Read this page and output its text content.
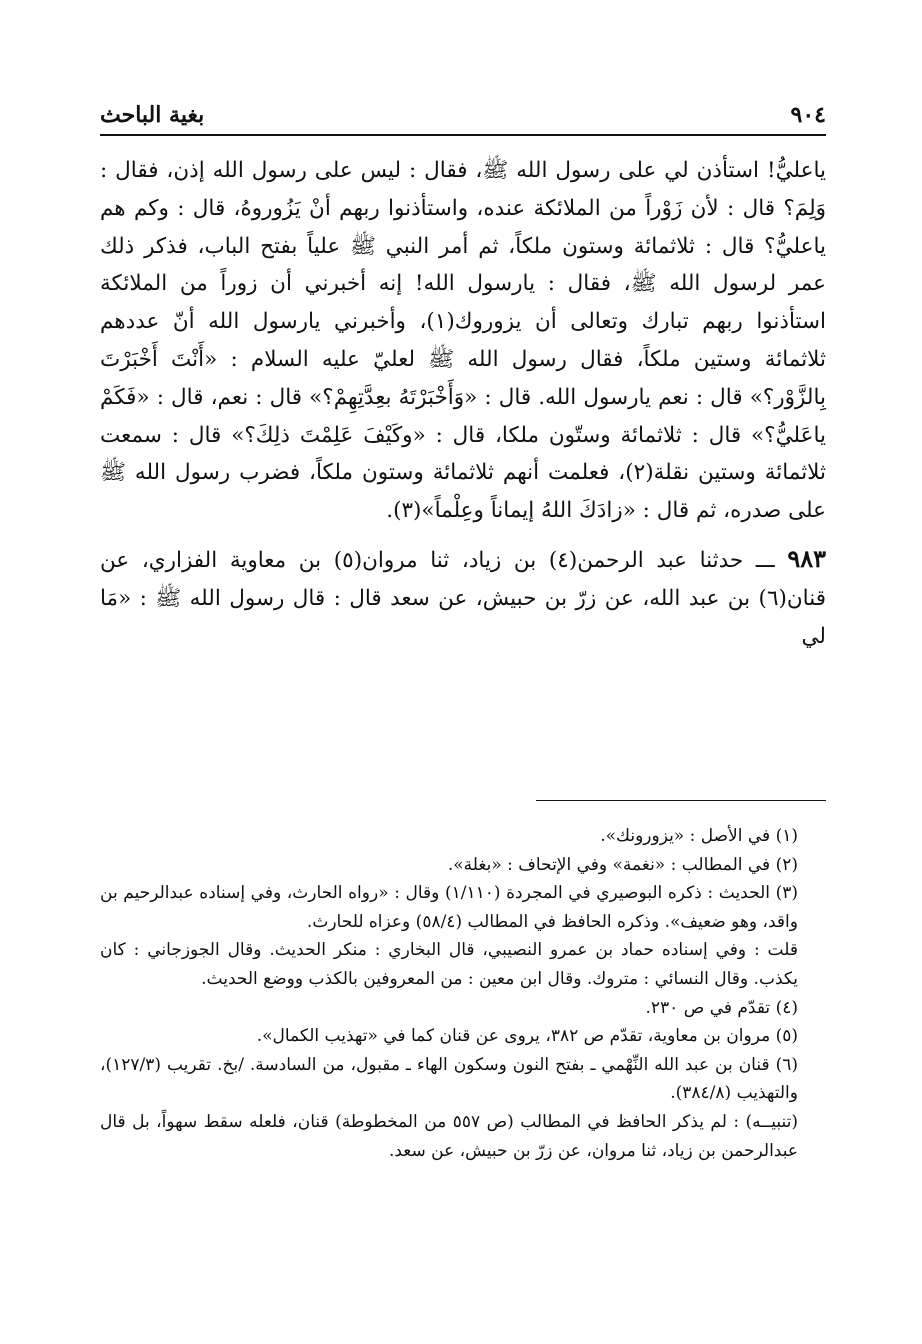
بغية الباحث	٩٠٤

ياعليُّ! استأذن لي على رسول الله ﷺ، فقال : ليس على رسول الله إذن، فقال : وَلِمَ؟ قال : لأن زَوْراً من الملائكة عنده، واستأذنوا ربهم أنْ يَزُوروهُ، قال : وكم هم ياعليُّ؟ قال : ثلاثمائة وستون ملكاً، ثم أمر النبي ﷺ علياً بفتح الباب، فذكر ذلك عمر لرسول الله ﷺ، فقال : يارسول الله! إنه أخبرني أن زوراً من الملائكة استأذنوا ربهم تبارك وتعالى أن يزوروك(١)، وأخبرني يارسول الله أنّ عددهم ثلاثمائة وستين ملكاً، فقال رسول الله ﷺ لعليّ عليه السلام : «أَنْتَ أَخْبَرْتَ بِالزَّوْر؟» قال : نعم يارسول الله. قال : «وَأَخْبَرْتَهُ بعِدَّتِهِمْ؟» قال : نعم، قال : «فَكَمْ ياعَليُّ؟» قال : ثلاثمائة وستّون ملكا، قال : «وكَيْفَ عَلِمْتَ ذلِكَ؟» قال : سمعت ثلاثمائة وستين نقلة(٢)، فعلمت أنهم ثلاثمائة وستون ملكاً، فضرب رسول الله ﷺ على صدره، ثم قال : «زادَكَ اللهُ إيماناً وعِلْماً»(٣).

٩٨٣ ـــ حدثنا عبد الرحمن(٤) بن زياد، ثنا مروان(٥) بن معاوية الفزاري، عن قنان(٦) بن عبد الله، عن زرّ بن حبيش، عن سعد قال : قال رسول الله ﷺ : «مَا لي

(١) في الأصل : «يزورونك».

(٢) في المطالب : «نغمة» وفي الإتحاف : «بغلة».

(٣) الحديث : ذكره البوصيري في المجردة (١/١١٠) وقال : «رواه الحارث، وفي إسناده عبدالرحيم بن واقد، وهو ضعيف». وذكره الحافظ في المطالب (٥٨/٤) وعزاه للحارث.

قلت : وفي إسناده حماد بن عمرو النصيبي، قال البخاري : منكر الحديث. وقال الجوزجاني : كان يكذب. وقال النسائي : متروك. وقال ابن معين : من المعروفين بالكذب ووضع الحديث.

(٤) تقدّم في ص ٢٣٠.

(٥) مروان بن معاوية، تقدّم ص ٣٨٢، يروى عن قنان كما في «تهذيب الكمال».

(٦) قنان بن عبد الله النِّهْمي ـ بفتح النون وسكون الهاء ـ مقبول، من السادسة. /بخ. تقريب (١٢٧/٣)، والتهذيب (٣٨٤/٨).

(تنبيــه) : لم يذكر الحافظ في المطالب (ص ٥٥٧ من المخطوطة) قنان، فلعله سقط سهواً، بل قال عبدالرحمن بن زياد، ثنا مروان، عن زرّ بن حبيش، عن سعد.
